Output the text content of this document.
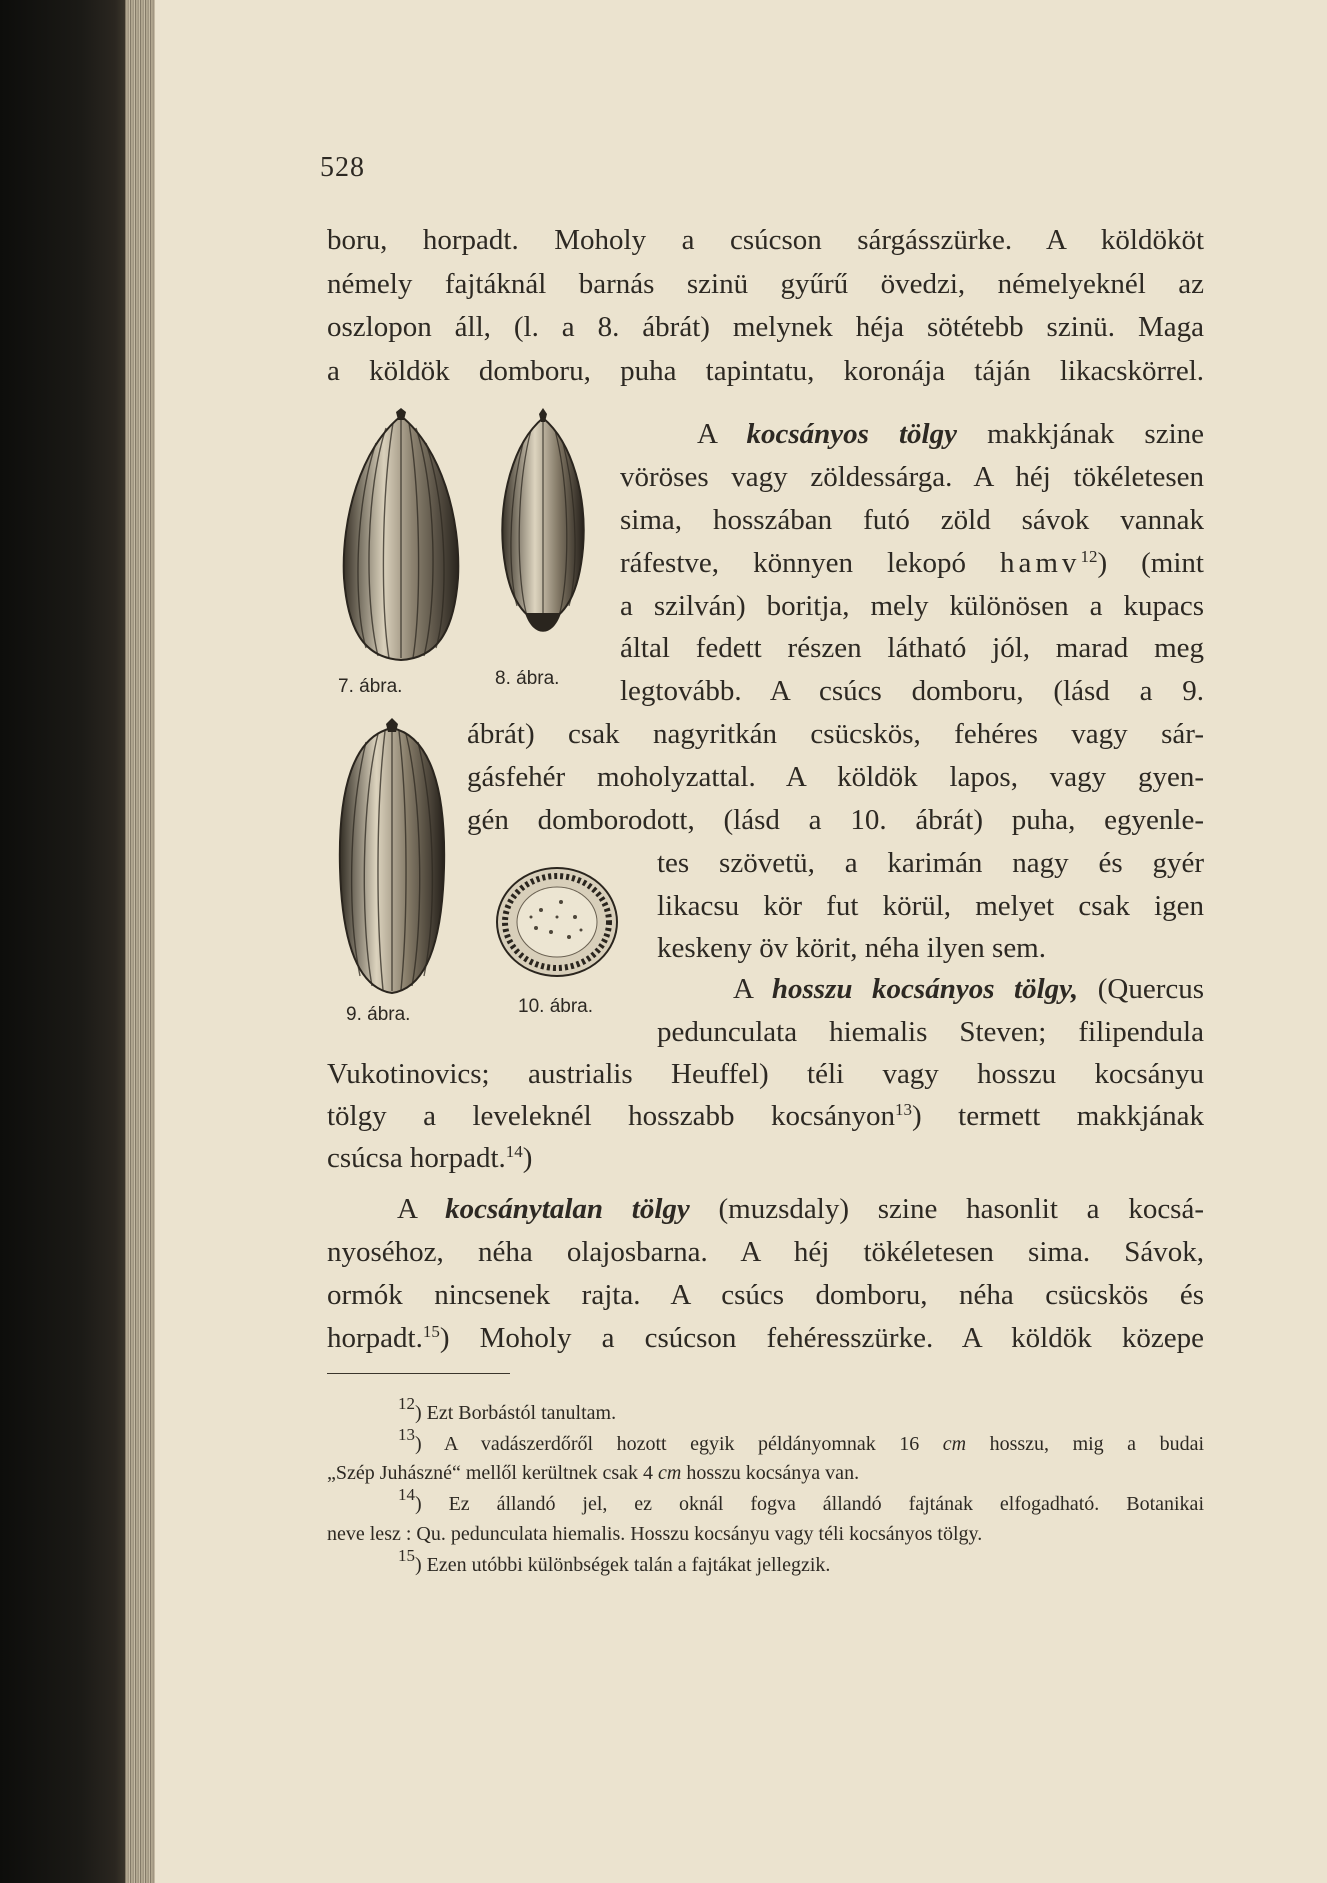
528
boru, horpadt. Moholy a csúcson sárgásszürke. A köldököt
némely fajtáknál barnás szinü gyűrű övedzi, némelyeknél az
oszlopon áll, (l. a 8. ábrát) melynek héja sötétebb szinü. Maga
a köldök domboru, puha tapintatu, koronája táján likacskörrel.
7. ábra.	8. ábra.
A kocsányos tölgy makkjának szine
vöröses vagy zöldessárga. A héj tökéletesen
sima, hosszában futó zöld sávok vannak
ráfestve, könnyen lekopó hamv$^{12}$) (mint
a szilván) boritja, mely különösen a kupacs
által fedett részen látható jól, marad meg
legtovább. A csúcs domboru, (lásd a 9.
ábrát) csak nagyritkán csücskös, fehéres vagy sár-
gásfehér moholyzattal. A köldök lapos, vagy gyen-
gén domborodott, (lásd a 10. ábrát) puha, egyenle-
tes szövetü, a karimán nagy és gyér
likacsu kör fut körül, melyet csak igen
keskeny öv körit, néha ilyen sem.
9. ábra.	10. ábra.
A hosszu kocsányos tölgy, (Quercus
pedunculata hiemalis Steven; filipendula
Vukotinovics; austrialis Heuffel) téli vagy hosszu kocsányu
tölgy a leveleknél hosszabb kocsányon$^{13}$) termett makkjának
csúcsa horpadt.$^{14}$)
A kocsánytalan tölgy (muzsdaly) szine hasonlit a kocsá-
nyoséhoz, néha olajosbarna. A héj tökéletesen sima. Sávok,
ormók nincsenek rajta. A csúcs domboru, néha csücskös és
horpadt.$^{15}$) Moholy a csúcson fehéresszürke. A köldök közepe
$^{12}$) Ezt Borbástól tanultam.
$^{13}$) A vadászerdőről hozott egyik példányomnak 16 cm hosszu, mig a budai
„Szép Juhászné“ mellől kerültnek csak 4 cm hosszu kocsánya van.
$^{14}$) Ez állandó jel, ez oknál fogva állandó fajtának elfogadható. Botanikai
neve lesz : Qu. pedunculata hiemalis. Hosszu kocsányu vagy téli kocsányos tölgy.
$^{15}$) Ezen utóbbi különbségek talán a fajtákat jellegzik.
